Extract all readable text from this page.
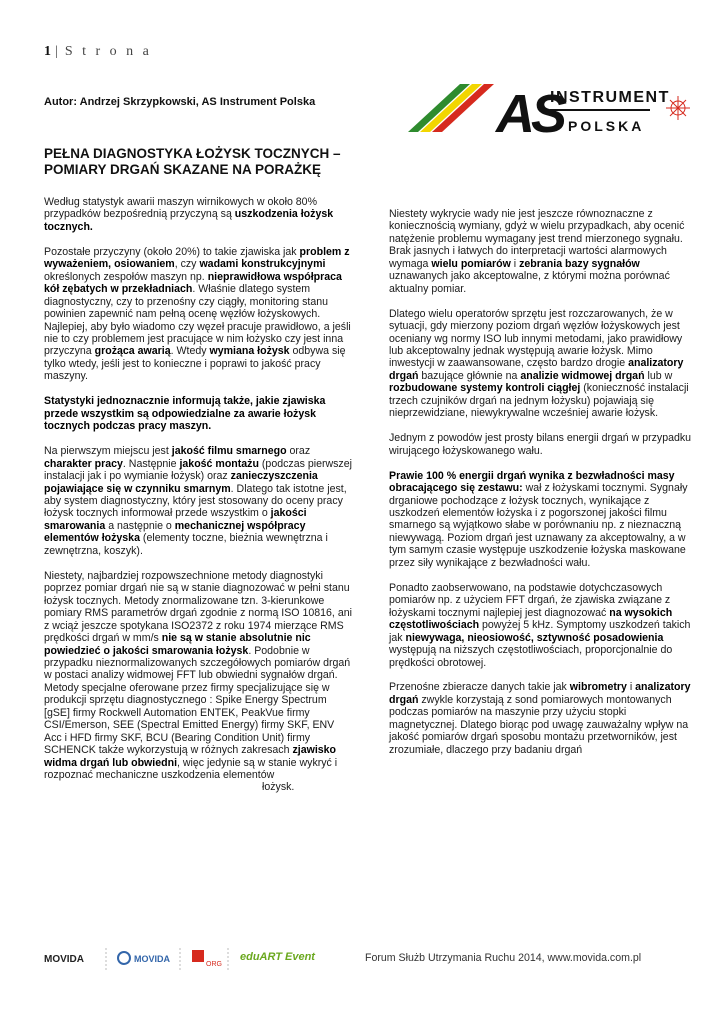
1 | S t r o n a
Autor: Andrzej Skrzypkowski, AS Instrument Polska	AS
INSTRUMENT
POLSKA
PEŁNA DIAGNOSTYKA ŁOŻYSK TOCZNYCH –
POMIARY DRGAŃ SKAZANE NA PORAŻKĘ

Według statystyk awarii maszyn wirnikowych w około 80% przypadków bezpośrednią przyczyną są uszkodzenia łożysk tocznych.

Pozostałe przyczyny (około 20%) to takie zjawiska jak problem z wyważeniem, osiowaniem, czy wadami konstrukcyjnymi określonych zespołów maszyn np. nieprawidłowa współpraca kół zębatych w przekładniach. Właśnie dlatego system diagnostyczny, czy to przenośny czy ciągły, monitoring stanu powinien zapewnić nam pełną ocenę węzłów łożyskowych. Najlepiej, aby było wiadomo czy węzeł pracuje prawidłowo, a jeśli nie to czy problemem jest pracujące w nim łożysko czy jest inna przyczyna grożąca awarią. Wtedy wymiana łożysk odbywa się tylko wtedy, jeśli jest to konieczne i poprawi to jakość pracy maszyny.

Statystyki jednoznacznie informują także, jakie zjawiska przede wszystkim są odpowiedzialne za awarie łożysk tocznych podczas pracy maszyn.

Na pierwszym miejscu jest jakość filmu smarnego oraz charakter pracy. Następnie jakość montażu (podczas pierwszej instalacji jak i po wymianie łożysk) oraz zanieczyszczenia pojawiające się w czynniku smarnym. Dlatego tak istotne jest, aby system diagnostyczny, który jest stosowany do oceny pracy łożysk tocznych informował przede wszystkim o jakości smarowania a następnie o mechanicznej współpracy elementów łożyska (elementy toczne, bieżnia wewnętrzna i zewnętrzna, koszyk).

Niestety, najbardziej rozpowszechnione metody diagnostyki poprzez pomiar drgań nie są w stanie diagnozować w pełni stanu łożysk tocznych. Metody znormalizowane tzn. 3-kierunkowe pomiary RMS parametrów drgań zgodnie z normą ISO 10816, ani z wciąż jeszcze spotykana ISO2372 z roku 1974 mierzące RMS prędkości drgań w mm/s nie są w stanie absolutnie nic powiedzieć o jakości smarowania łożysk. Podobnie w przypadku nieznormalizowanych szczegółowych pomiarów drgań w postaci analizy widmowej FFT lub obwiedni sygnałów drgań. Metody specjalne oferowane przez firmy specjalizujące się w produkcji sprzętu diagnostycznego : Spike Energy Spectrum [gSE] firmy Rockwell Automation ENTEK, PeakVue firmy CSI/Emerson, SEE (Spectral Emitted Energy) firmy SKF, ENV Acc i HFD firmy SKF, BCU (Bearing Condition Unit) firmy SCHENCK także wykorzystują w różnych zakresach zjawisko widma drgań lub obwiedni, więc jedynie są w stanie wykryć i rozpoznać mechaniczne uszkodzenia elementów
łożysk.

Niestety wykrycie wady nie jest jeszcze równoznaczne z koniecznością wymiany, gdyż w wielu przypadkach, aby ocenić natężenie problemu wymagany jest trend mierzonego sygnału. Brak jasnych i łatwych do interpretacji wartości alarmowych wymaga wielu pomiarów i zebrania bazy sygnałów uznawanych jako akceptowalne, z którymi można porównać aktualny pomiar.

Dlatego wielu operatorów sprzętu jest rozczarowanych, że w sytuacji, gdy mierzony poziom drgań węzłów łożyskowych jest oceniany wg normy ISO lub innymi metodami, jako prawidłowy lub akceptowalny jednak występują awarie łożysk. Mimo inwestycji w zaawansowane, często bardzo drogie analizatory drgań bazujące głównie na analizie widmowej drgań lub w rozbudowane systemy kontroli ciągłej (konieczność instalacji trzech czujników drgań na jednym łożysku) pojawiają się nieprzewidziane, niewykrywalne wcześniej awarie łożysk.

Jednym z powodów jest prosty bilans energii drgań w przypadku wirującego łożyskowanego wału.

Prawie 100 % energii drgań wynika z bezwładności masy obracającego się zestawu: wał z łożyskami tocznymi. Sygnały drganiowe pochodzące z łożysk tocznych, wynikające z uszkodzeń elementów łożyska i z pogorszonej jakości filmu smarnego są wyjątkowo słabe w porównaniu np. z nieznaczną niewywagą. Poziom drgań jest uznawany za akceptowalny, a w tym samym czasie występuje uszkodzenie łożyska maskowane przez siły wynikające z bezwładności wału.

Ponadto zaobserwowano, na podstawie dotychczasowych pomiarów np. z użyciem FFT drgań, że zjawiska związane z łożyskami tocznymi najlepiej jest diagnozować na wysokich częstotliwościach powyżej 5 kHz. Symptomy uszkodzeń takich jak niewywaga, nieosiowość, sztywność posadowienia występują na niższych częstotliwościach, proporcjonalnie do prędkości obrotowej.

Przenośne zbieracze danych takie jak wibrometry i analizatory drgań zwykle korzystają z sond pomiarowych montowanych podczas pomiarów na maszynie przy użyciu stopki magnetycznej. Dlatego biorąc pod uwagę zauważalny wpływ na jakość pomiarów drgań sposobu montażu przetworników, jest zrozumiałe, dlaczego przy badaniu drgań

MOVIDA	MOVIDA
ORG
eduART Event	Forum Służb Utrzymania Ruchu 2014, www.movida.com.pl
